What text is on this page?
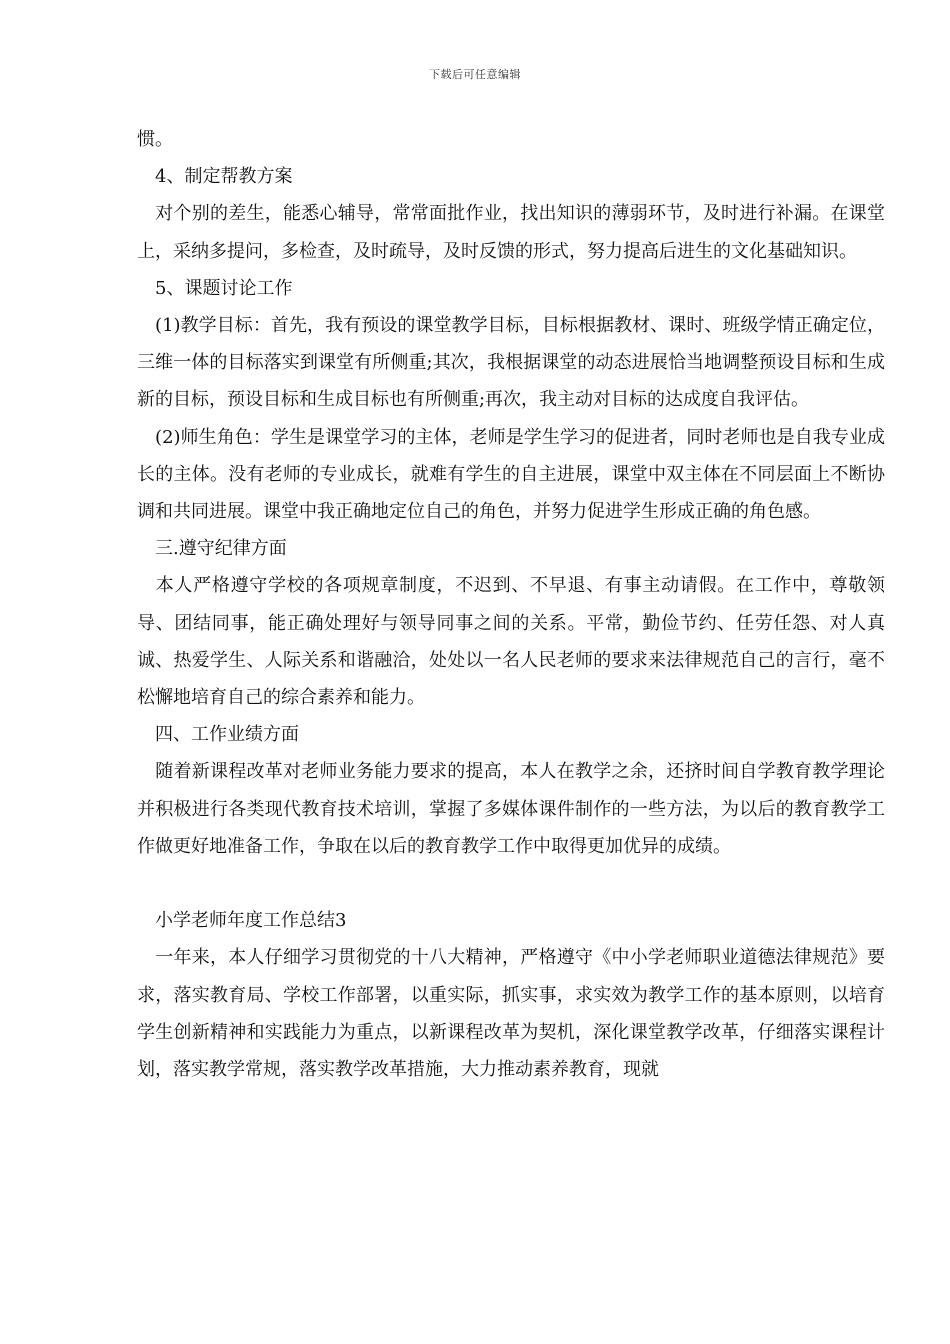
下载后可任意编辑

惯。

　4、制定帮教方案

　对个别的差生，能悉心辅导，常常面批作业，找出知识的薄弱环节，及时进行补漏。在课堂上，采纳多提问，多检查，及时疏导，及时反馈的形式，努力提高后进生的文化基础知识。

　5、课题讨论工作

　(1)教学目标：首先，我有预设的课堂教学目标，目标根据教材、课时、班级学情正确定位，三维一体的目标落实到课堂有所侧重;其次，我根据课堂的动态进展恰当地调整预设目标和生成新的目标，预设目标和生成目标也有所侧重;再次，我主动对目标的达成度自我评估。

　(2)师生角色：学生是课堂学习的主体，老师是学生学习的促进者，同时老师也是自我专业成长的主体。没有老师的专业成长，就难有学生的自主进展，课堂中双主体在不同层面上不断协调和共同进展。课堂中我正确地定位自己的角色，并努力促进学生形成正确的角色感。

　三.遵守纪律方面

　本人严格遵守学校的各项规章制度，不迟到、不早退、有事主动请假。在工作中，尊敬领导、团结同事，能正确处理好与领导同事之间的关系。平常，勤俭节约、任劳任怨、对人真诚、热爱学生、人际关系和谐融洽，处处以一名人民老师的要求来法律规范自己的言行，毫不松懈地培育自己的综合素养和能力。

　四、工作业绩方面

　随着新课程改革对老师业务能力要求的提高，本人在教学之余，还挤时间自学教育教学理论并积极进行各类现代教育技术培训，掌握了多媒体课件制作的一些方法，为以后的教育教学工作做更好地准备工作，争取在以后的教育教学工作中取得更加优异的成绩。

　小学老师年度工作总结3

　一年来，本人仔细学习贯彻党的十八大精神，严格遵守《中小学老师职业道德法律规范》要求，落实教育局、学校工作部署，以重实际，抓实事，求实效为教学工作的基本原则，以培育学生创新精神和实践能力为重点，以新课程改革为契机，深化课堂教学改革，仔细落实课程计划，落实教学常规，落实教学改革措施，大力推动素养教育，现就
